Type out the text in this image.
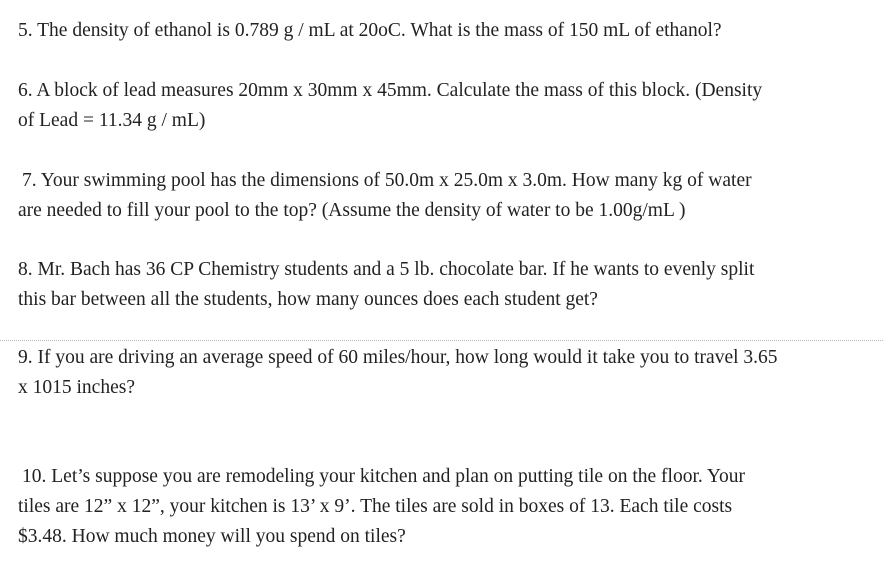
5. The density of ethanol is 0.789 g / mL at 20oC. What is the mass of 150 mL of ethanol?

6. A block of lead measures 20mm x 30mm x 45mm. Calculate the mass of this block. (Density
of Lead = 11.34 g / mL)

7. Your swimming pool has the dimensions of 50.0m x 25.0m x 3.0m. How many kg of water
are needed to fill your pool to the top? (Assume the density of water to be 1.00g/mL )

8. Mr. Bach has 36 CP Chemistry students and a 5 lb. chocolate bar. If he wants to evenly split
this bar between all the students, how many ounces does each student get?

9. If you are driving an average speed of 60 miles/hour, how long would it take you to travel 3.65
x 1015 inches?

10. Let’s suppose you are remodeling your kitchen and plan on putting tile on the floor. Your
tiles are 12” x 12”, your kitchen is 13’ x 9’. The tiles are sold in boxes of 13. Each tile costs
$3.48. How much money will you spend on tiles?
